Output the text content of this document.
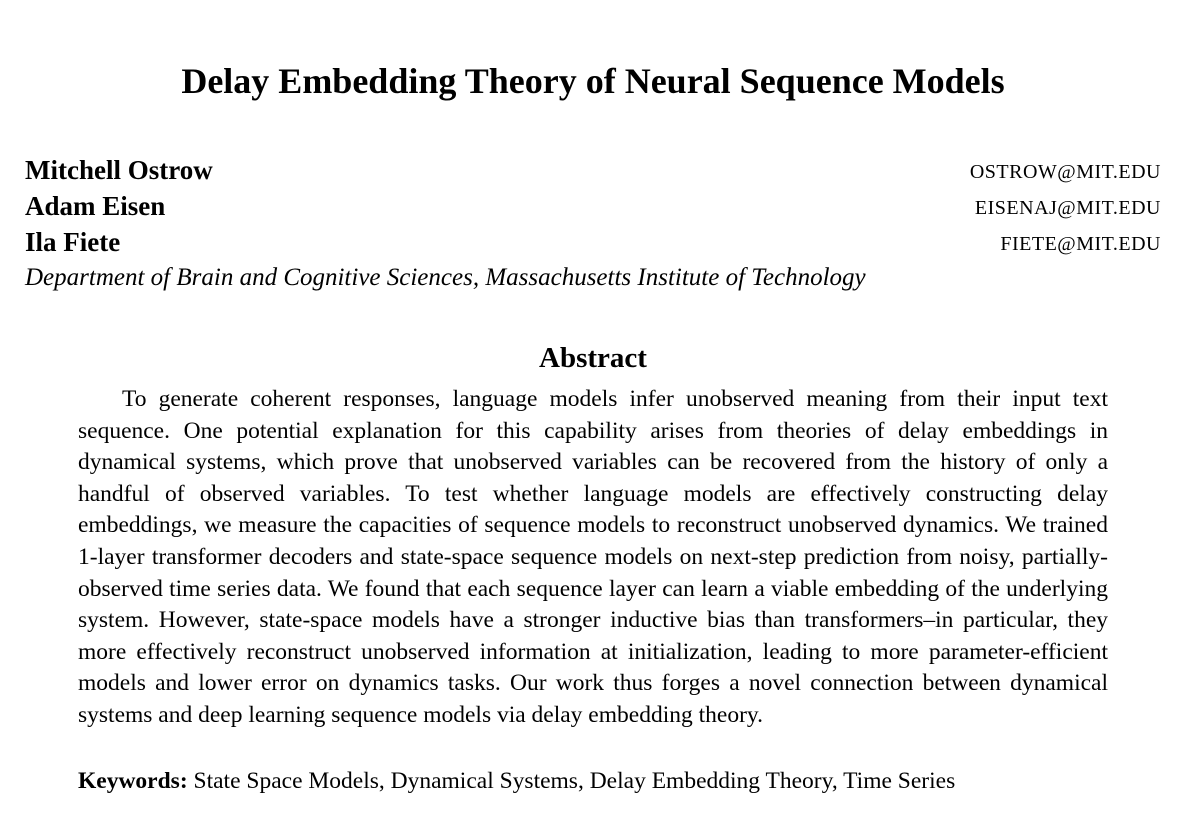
Delay Embedding Theory of Neural Sequence Models
Mitchell Ostrow	OSTROW@MIT.EDU
Adam Eisen	EISENAJ@MIT.EDU
Ila Fiete	FIETE@MIT.EDU
Department of Brain and Cognitive Sciences, Massachusetts Institute of Technology
Abstract
To generate coherent responses, language models infer unobserved meaning from their input text sequence. One potential explanation for this capability arises from theories of delay embeddings in dynamical systems, which prove that unobserved variables can be recovered from the history of only a handful of observed variables. To test whether language models are effectively constructing delay embeddings, we measure the capacities of sequence models to reconstruct unobserved dynamics. We trained 1-layer transformer decoders and state-space sequence models on next-step prediction from noisy, partially-observed time series data. We found that each sequence layer can learn a viable embedding of the underlying system. However, state-space models have a stronger inductive bias than transformers–in particular, they more effectively reconstruct unobserved information at initialization, leading to more parameter-efficient models and lower error on dynamics tasks. Our work thus forges a novel connection between dynamical systems and deep learning sequence models via delay embedding theory.
Keywords: State Space Models, Dynamical Systems, Delay Embedding Theory, Time Series
